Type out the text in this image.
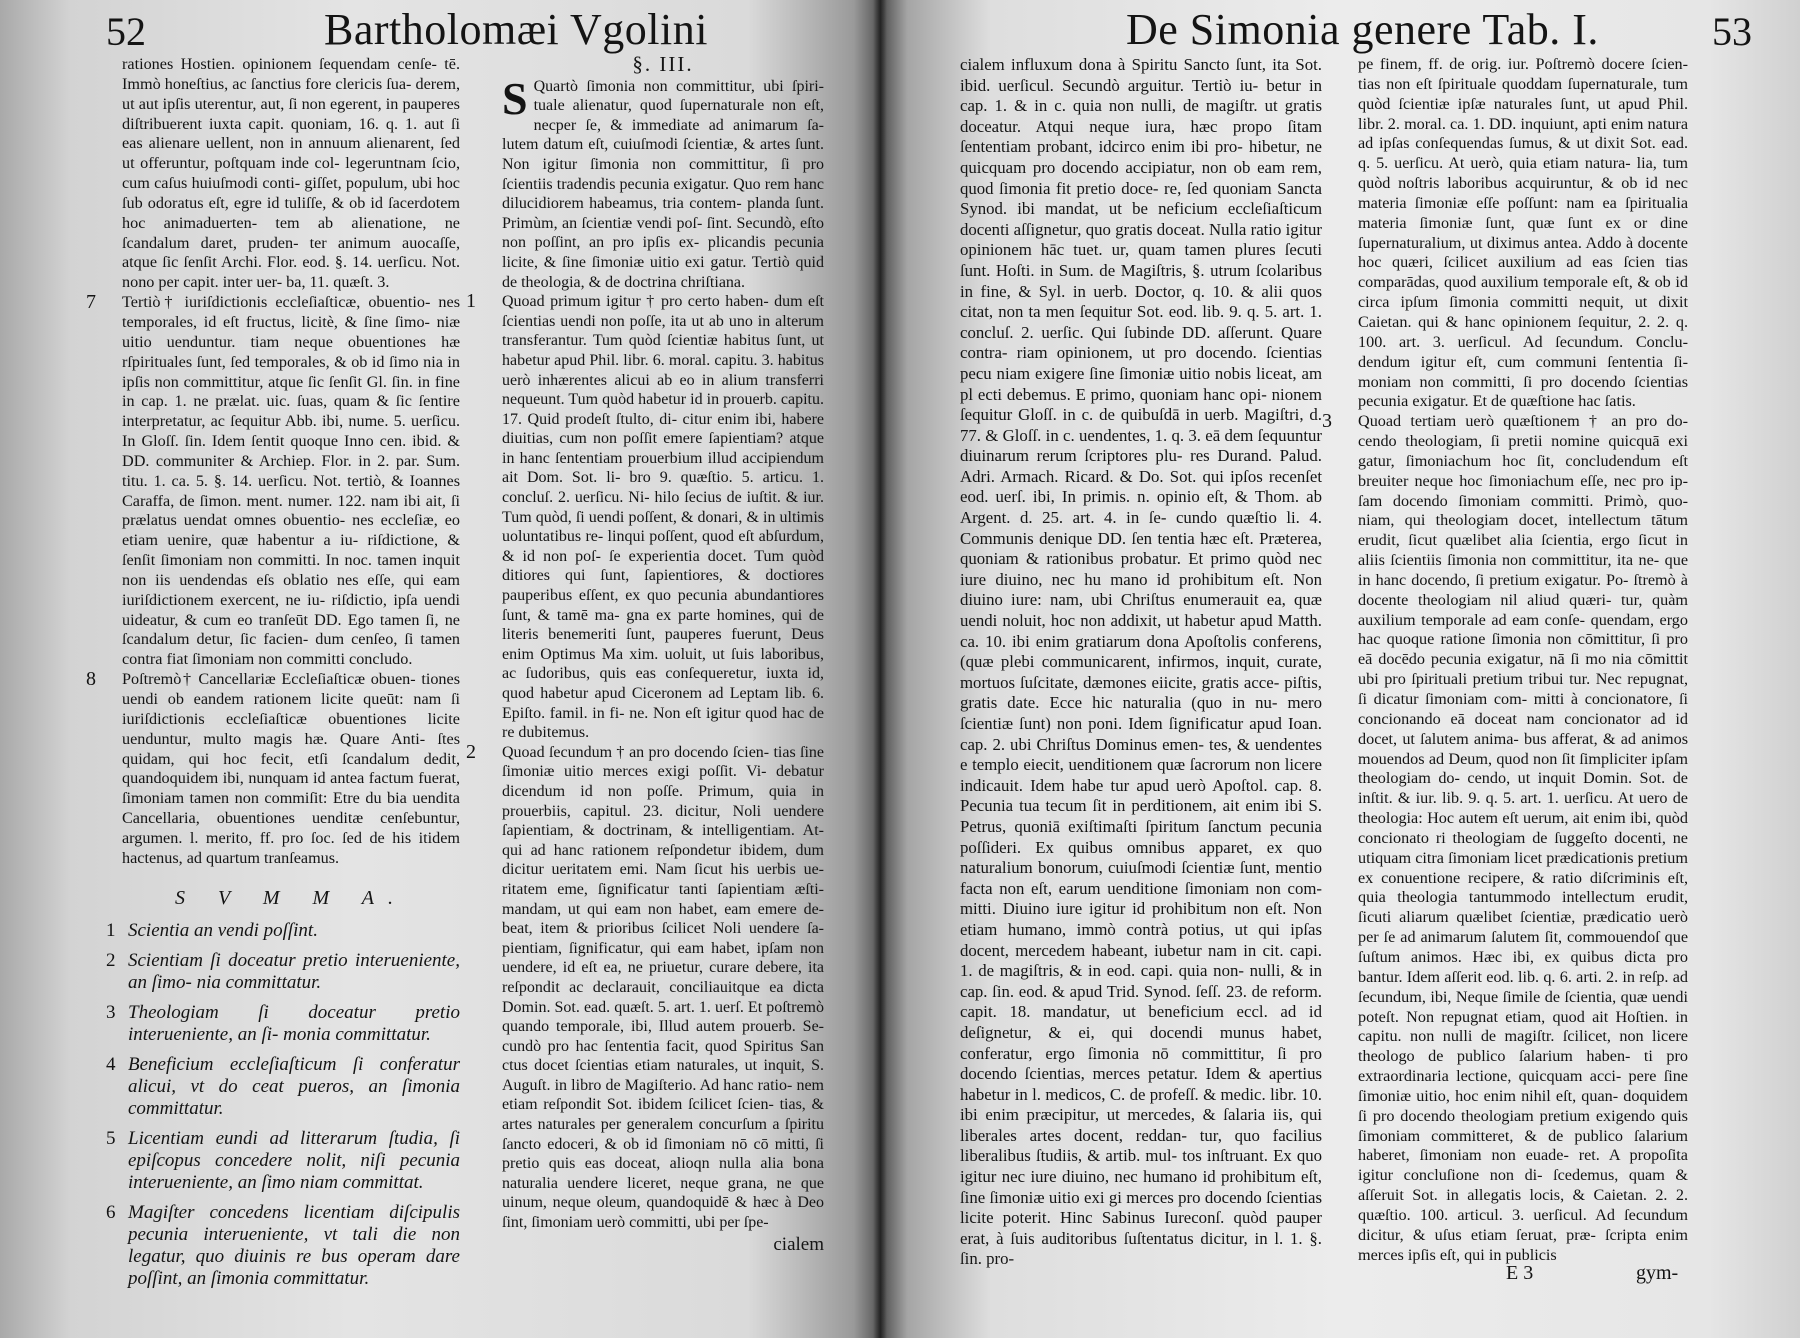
52	Bartholomæi Vgolini
rationes Hostien. opinionem ſequendam cenſe- tē. Immò honeſtius, ac ſanctius fore clericis ſua- derem, ut aut ipſis uterentur, aut, ſi non egerent, in pauperes diſtribuerent iuxta capit. quoniam, 16. q. 1. aut ſi eas alienare uellent, non in annuum alienarent, ſed ut offeruntur, poſtquam inde col- legeruntnam ſcio, cum caſus huiuſmodi conti- giſſet, populum, ubi hoc ſub odoratus eſt, egre id tuliſſe, & ob id ſacerdotem hoc animaduerten- tem ab alienatione, ne ſcandalum daret, pruden- ter animum auocaſſe, atque ſic ſenſit Archi. Flor. eod. §. 14. uerſicu. Not. nono per capit. inter uer- ba, 11. quæſt. 3.
7 Tertiò† iuriſdictionis eccleſiaſticæ, obuentio- nes temporales, id eſt fructus, licitè, & ſine ſimo- niæ uitio uenduntur. tiam neque obuentiones hæ rſpirituales ſunt, ſed temporales, & ob id ſimo nia in ipſis non committitur, atque ſic ſenſit Gl. ſin. in fine in cap. 1. ne prælat. uic. ſuas, quam & ſic ſentire interpretatur, ac ſequitur Abb. ibi, nume. 5. uerſicu. In Gloſſ. ſin. Idem ſentit quoque Inno cen. ibid. & DD. communiter & Archiep. Flor. in 2. par. Sum. titu. 1. ca. 5. §. 14. uerſicu. Not. tertiò, & Ioannes Caraffa, de ſimon. ment. numer. 122. nam ibi ait, ſi prælatus uendat omnes obuentio- nes eccleſiæ, eo etiam uenire, quæ habentur a iu- riſdictione, & ſenſit ſimoniam non committi. In noc. tamen inquit non iis uendendas eſs oblatio nes eſſe, qui eam iuriſdictionem exercent, ne iu- riſdictio, ipſa uendi uideatur, & cum eo tranſeūt DD. Ego tamen ſi, ne ſcandalum detur, ſic facien- dum cenſeo, ſi tamen contra fiat ſimoniam non committi concludo.
8 Poſtremò† Cancellariæ Eccleſiaſticæ obuen- tiones uendi ob eandem rationem licite queūt: nam ſi iuriſdictionis eccleſiaſticæ obuentiones licite uenduntur, multo magis hæ. Quare Anti- ſtes quidam, qui hoc fecit, etſi ſcandalum dedit, quandoquidem ibi, nunquam id antea factum fuerat, ſimoniam tamen non commiſit: Etre du bia uendita Cancellaria, obuentiones uenditæ cenſebuntur, argumen. l. merito, ff. pro ſoc. ſed de his itidem hactenus, ad quartum tranſeamus.
S V M M A.
1 Scientia an vendi poſſint.
2 Scientiam ſi doceatur pretio interueniente, an ſimo- nia committatur.
3 Theologiam ſi doceatur pretio interueniente, an ſi- monia committatur.
4 Beneficium eccleſiaſticum ſi conferatur alicui, vt do ceat pueros, an ſimonia committatur.
5 Licentiam eundi ad litterarum ſtudia, ſi epiſcopus concedere nolit, niſi pecunia interueniente, an ſimo niam committat.
6 Magiſter concedens licentiam diſcipulis pecunia interueniente, vt tali die non legatur, quo diuinis re bus operam dare poſſint, an ſimonia committatur.
§. III.
S Quartò ſimonia non committitur, ubi ſpiri- tuale alienatur, quod ſupernaturale non eſt, necper ſe, & immediate ad animarum ſa- lutem datum eſt, cuiuſmodi ſcientiæ, & artes ſunt. Non igitur ſimonia non committitur, ſi pro ſcientiis tradendis pecunia exigatur. Quo rem hanc dilucidiorem habeamus, tria contem- planda ſunt. Primùm, an ſcientiæ vendi poſ- ſint. Secundò, eſto non poſſint, an pro ipſis ex- plicandis pecunia licite, & ſine ſimoniæ uitio exi gatur. Tertiò quid de theologia, & de doctrina chriſtiana.
1 Quoad primum igitur † pro certo haben- dum eſt ſcientias uendi non poſſe, ita ut ab uno in alterum transferantur. Tum quòd ſcientiæ habitus ſunt, ut habetur apud Phil. libr. 6. moral. capitu. 3. habitus uerò inhærentes alicui ab eo in alium transferri nequeunt. Tum quòd habetur id in prouerb. capitu. 17. Quid prodeſt ſtulto, di- citur enim ibi, habere diuitias, cum non poſſit emere ſapientiam? atque in hanc ſententiam prouerbium illud accipiendum ait Dom. Sot. li- bro 9. quæſtio. 5. articu. 1. concluſ. 2. uerſicu. Ni- hilo ſecius de iuſtit. & iur. Tum quòd, ſi uendi poſſent, & donari, & in ultimis uoluntatibus re- linqui poſſent, quod eſt abſurdum, & id non poſ- ſe experientia docet. Tum quòd ditiores qui ſunt, ſapientiores, & doctiores pauperibus eſſent, ex quo pecunia abundantiores ſunt, & tamē ma- gna ex parte homines, qui de literis benemeriti ſunt, pauperes fuerunt, Deus enim Optimus Ma xim. uoluit, ut ſuis laboribus, ac ſudoribus, quis eas conſequeretur, iuxta id, quod habetur apud Ciceronem ad Leptam lib. 6. Epiſto. famil. in fi- ne. Non eſt igitur quod hac de re dubitemus.
2 Quoad ſecundum † an pro docendo ſcien- tias ſine ſimoniæ uitio merces exigi poſſit. Vi- debatur dicendum id non poſſe. Primum, quia in prouerbiis, capitul. 23. dicitur, Noli uendere ſapientiam, & doctrinam, & intelligentiam. At- qui ad hanc rationem reſpondetur ibidem, dum dicitur ueritatem emi. Nam ſicut his uerbis ue- ritatem eme, ſignificatur tanti ſapientiam æſti- mandam, ut qui eam non habet, eam emere de- beat, item & prioribus ſcilicet Noli uendere ſa- pientiam, ſignificatur, qui eam habet, ipſam non uendere, id eſt ea, ne priuetur, curare debere, ita reſpondit ac declarauit, conciliauitque ea dicta Domin. Sot. ead. quæſt. 5. art. 1. uerſ. Et poſtremò quando temporale, ibi, Illud autem prouerb. Se- cundò pro hac ſententia facit, quod Spiritus San ctus docet ſcientias etiam naturales, ut inquit, S. Auguſt. in libro de Magiſterio. Ad hanc ratio- nem etiam reſpondit Sot. ibidem ſcilicet ſcien- tias, & artes naturales per generalem concurſum a ſpiritu ſancto edoceri, & ob id ſimoniam nō cō mitti, ſi pretio quis eas doceat, alioqn nulla alia bona naturalia uendere liceret, neque grana, ne que uinum, neque oleum, quandoquidē & hæc à Deo ſint, ſimoniam uerò committi, ubi per ſpe-
cialem
De Simonia genere Tab. I.	53
cialem influxum dona à Spiritu Sancto ſunt, ita Sot. ibid. uerſicul. Secundò arguitur. Tertiò iu- betur in cap. 1. & in c. quia non nulli, de magiſtr. ut gratis doceatur. Atqui neque iura, hæc propo ſitam ſententiam probant, idcirco enim ibi pro- hibetur, ne quicquam pro docendo accipiatur, non ob eam rem, quod ſimonia fit pretio doce- re, ſed quoniam Sancta Synod. ibi mandat, ut be neficium eccleſiaſticum docenti aſſignetur, quo gratis doceat. Nulla ratio igitur opinionem hāc tuet. ur, quam tamen plures ſecuti ſunt. Hoſti. in Sum. de Magiſtris, §. utrum ſcolaribus in fine, & Syl. in uerb. Doctor, q. 10. & alii quos citat, non ta men ſequitur Sot. eod. lib. 9. q. 5. art. 1. concluſ. 2. uerſic. Qui ſubinde DD. aſſerunt. Quare contra- riam opinionem, ut pro docendo. ſcientias pecu niam exigere ſine ſimoniæ uitio nobis liceat, am pl ecti debemus. E primo, quoniam hanc opi- nionem ſequitur Gloſſ. in c. de quibuſdā in uerb. Magiſtri, d. 77. & Gloſſ. in c. uendentes, 1. q. 3. eā dem ſequuntur diuinarum rerum ſcriptores plu- res Durand. Palud. Adri. Armach. Ricard. & Do. Sot. qui ipſos recenſet eod. uerſ. ibi, In primis. n. opinio eſt, & Thom. ab Argent. d. 25. art. 4. in ſe- cundo quæſtio li. 4. Communis denique DD. ſen tentia hæc eſt. Præterea, quoniam & rationibus probatur. Et primo quòd nec iure diuino, nec hu mano id prohibitum eſt. Non diuino iure: nam, ubi Chriſtus enumerauit ea, quæ uendi noluit, hoc non addixit, ut habetur apud Matth. ca. 10. ibi enim gratiarum dona Apoſtolis conferens, (quæ plebi communicarent, infirmos, inquit, curate, mortuos ſuſcitate, dæmones eiicite, gratis acce- piſtis, gratis date. Ecce hic naturalia (quo in nu- mero ſcientiæ ſunt) non poni. Idem ſignificatur apud Ioan. cap. 2. ubi Chriſtus Dominus emen- tes, & uendentes e templo eiecit, uenditionem quæ ſacrorum non licere indicauit. Idem habe tur apud uerò Apoſtol. cap. 8. Pecunia tua tecum ſit in perditionem, ait enim ibi S. Petrus, quoniā exiſtimaſti ſpiritum ſanctum pecunia poſſideri. Ex quibus omnibus apparet, ex quo naturalium bonorum, cuiuſmodi ſcientiæ ſunt, mentio facta non eſt, earum uenditione ſimoniam non com- mitti. Diuino iure igitur id prohibitum non eſt. Non etiam humano, immò contrà potius, ut qui ipſas docent, mercedem habeant, iubetur nam in cit. capi. 1. de magiſtris, & in eod. capi. quia non- nulli, & in cap. ſin. eod. & apud Trid. Synod. ſeſſ. 23. de reform. capit. 18. mandatur, ut beneficium eccl. ad id deſignetur, & ei, qui docendi munus habet, conferatur, ergo ſimonia nō committitur, ſi pro docendo ſcientias, merces petatur. Idem & apertius habetur in l. medicos, C. de profeſſ. & medic. libr. 10. ibi enim præcipitur, ut mercedes, & ſalaria iis, qui liberales artes docent, reddan- tur, quo facilius liberalibus ſtudiis, & artib. mul- tos inſtruant. Ex quo igitur nec iure diuino, nec humano id prohibitum eſt, ſine ſimoniæ uitio exi gi merces pro docendo ſcientias licite poterit. Hinc Sabinus Iureconſ. quòd pauper erat, à ſuis auditoribus ſuſtentatus dicitur, in l. 1. §. ſin. pro-
pe finem, ff. de orig. iur. Poſtremò docere ſcien- tias non eſt ſpirituale quoddam ſupernaturale, tum quòd ſcientiæ ipſæ naturales ſunt, ut apud Phil. libr. 2. moral. ca. 1. DD. inquiunt, apti enim natura ad ipſas conſequendas ſumus, & ut dixit Sot. ead. q. 5. uerſicu. At uerò, quia etiam natura- lia, tum quòd noſtris laboribus acquiruntur, & ob id nec materia ſimoniæ eſſe poſſunt: nam ea ſpiritualia materia ſimoniæ ſunt, quæ ſunt ex or dine ſupernaturalium, ut diximus antea. Addo à docente hoc quæri, ſcilicet auxilium ad eas ſcien tias comparādas, quod auxilium temporale eſt, & ob id circa ipſum ſimonia committi nequit, ut dixit Caietan. qui & hanc opinionem ſequitur, 2. 2. q. 100. art. 3. uerſicul. Ad ſecundum. Conclu- dendum igitur eſt, cum communi ſententia ſi- moniam non committi, ſi pro docendo ſcientias pecunia exigatur. Et de quæſtione hac ſatis.
3 Quoad tertiam uerò quæſtionem † an pro do- cendo theologiam, ſi pretii nomine quicquā exi gatur, ſimoniachum hoc ſit, concludendum eſt breuiter neque hoc ſimoniachum eſſe, nec pro ip- ſam docendo ſimoniam committi. Primò, quo- niam, qui theologiam docet, intellectum tātum erudit, ſicut quælibet alia ſcientia, ergo ſicut in aliis ſcientiis ſimonia non committitur, ita ne- que in hanc docendo, ſi pretium exigatur. Po- ſtremò à docente theologiam nil aliud quæri- tur, quàm auxilium temporale ad eam conſe- quendam, ergo hac quoque ratione ſimonia non cōmittitur, ſi pro eā docēdo pecunia exigatur, nā ſi mo nia cōmittit ubi pro ſpirituali pretium tribui tur. Nec repugnat, ſi dicatur ſimoniam com- mitti à concionatore, ſi concionando eā doceat nam concionator ad id docet, ut ſalutem anima- bus afferat, & ad animos mouendos ad Deum, quod non ſit ſimpliciter ipſam theologiam do- cendo, ut inquit Domin. Sot. de inſtit. & iur. lib. 9. q. 5. art. 1. uerſicu. At uero de theologia: Hoc autem eſt uerum, ait enim ibi, quòd concionato ri theologiam de ſuggeſto docenti, ne utiquam citra ſimoniam licet prædicationis pretium ex conuentione recipere, & ratio diſcriminis eſt, quia theologia tantummodo intellectum erudit, ſicuti aliarum quælibet ſcientiæ, prædicatio uerò per ſe ad animarum ſalutem ſit, commouendoſ que ſuſtum animos. Hæc ibi, ex quibus dicta pro bantur. Idem aſſerit eod. lib. q. 6. arti. 2. in reſp. ad ſecundum, ibi, Neque ſimile de ſcientia, quæ uendi poteſt. Non repugnat etiam, quod ait Hoſtien. in capitu. non nulli de magiſtr. ſcilicet, non licere theologo de publico ſalarium haben- ti pro extraordinaria lectione, quicquam acci- pere ſine ſimoniæ uitio, hoc enim nihil eſt, quan- doquidem ſi pro docendo theologiam pretium exigendo quis ſimoniam committeret, & de publico ſalarium haberet, ſimoniam non euade- ret. A propoſita igitur concluſione non di- ſcedemus, quam & aſſeruit Sot. in allegatis locis, & Caietan. 2. 2. quæſtio. 100. articul. 3. uerſicul. Ad ſecundum dicitur, & uſus etiam ſeruat, præ- ſcripta enim merces ipſis eſt, qui in publicis
E 3	gym-
